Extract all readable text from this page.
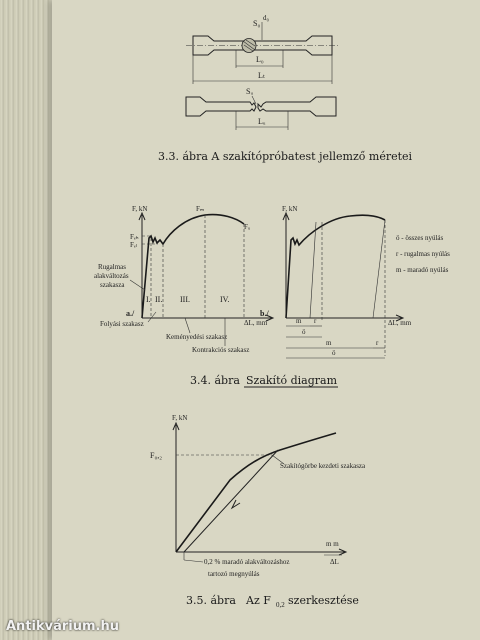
S₀
d₀
L₀
Lₜ
Sᵤ
Lᵤ
3.3. ábra A szakítópróbatest jellemző méretei
F, kN
Fₑₕ
Fₑₗ
Fₘ
Fᵤ
I. II. III.	IV.
ΔL, mm
a./
Rugalmas
alakváltozás
szakasza
Folyási szakasz
Keményedési szakasz
Kontrakciós szakasz
F, kN
m r
ö
m	r
ö
ΔL, mm
b./
ö - összes nyúlás
r - rugalmas nyúlás
m - maradó nyúlás
3.4. ábra Szakító diagram
F, kN
F₀,₂
Szakítógörbe kezdeti szakasza
0,2 % maradó alakváltozáshoz
tartozó megnyúlás
m m
ΔL
3.5. ábra Az F 0,2 szerkesztése
Antikvárium.hu
